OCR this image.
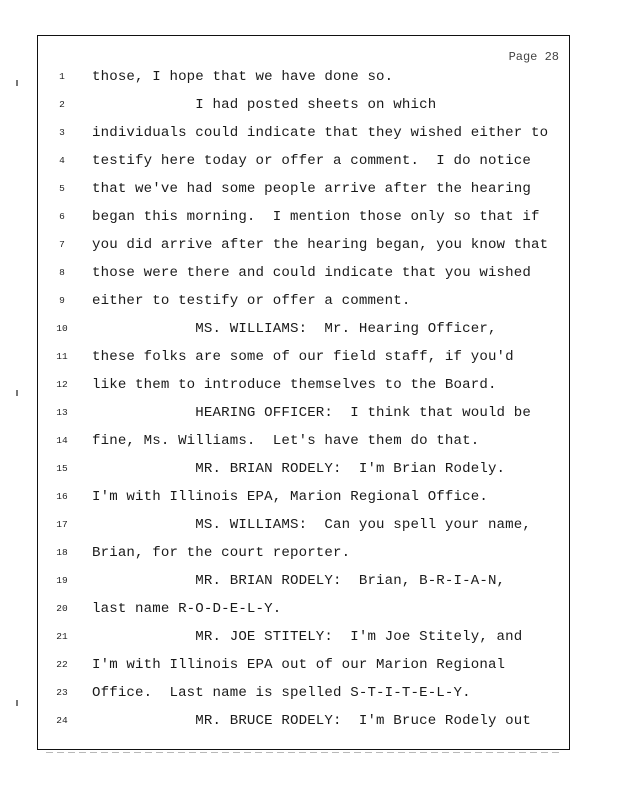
Page 28
1	those, I hope that we have done so.
2	I had posted sheets on which
3	individuals could indicate that they wished either to
4	testify here today or offer a comment.  I do notice
5	that we've had some people arrive after the hearing
6	began this morning.  I mention those only so that if
7	you did arrive after the hearing began, you know that
8	those were there and could indicate that you wished
9	either to testify or offer a comment.
10 MS. WILLIAMS:  Mr. Hearing Officer,
11 these folks are some of our field staff, if you'd
12 like them to introduce themselves to the Board.
13 HEARING OFFICER:  I think that would be
14 fine, Ms. Williams.  Let's have them do that.
15 MR. BRIAN RODELY:  I'm Brian Rodely.
16 I'm with Illinois EPA, Marion Regional Office.
17 MS. WILLIAMS:  Can you spell your name,
18 Brian, for the court reporter.
19 MR. BRIAN RODELY:  Brian, B-R-I-A-N,
20 last name R-O-D-E-L-Y.
21 MR. JOE STITELY:  I'm Joe Stitely, and
22 I'm with Illinois EPA out of our Marion Regional
23 Office.  Last name is spelled S-T-I-T-E-L-Y.
24 MR. BRUCE RODELY:  I'm Bruce Rodely out
